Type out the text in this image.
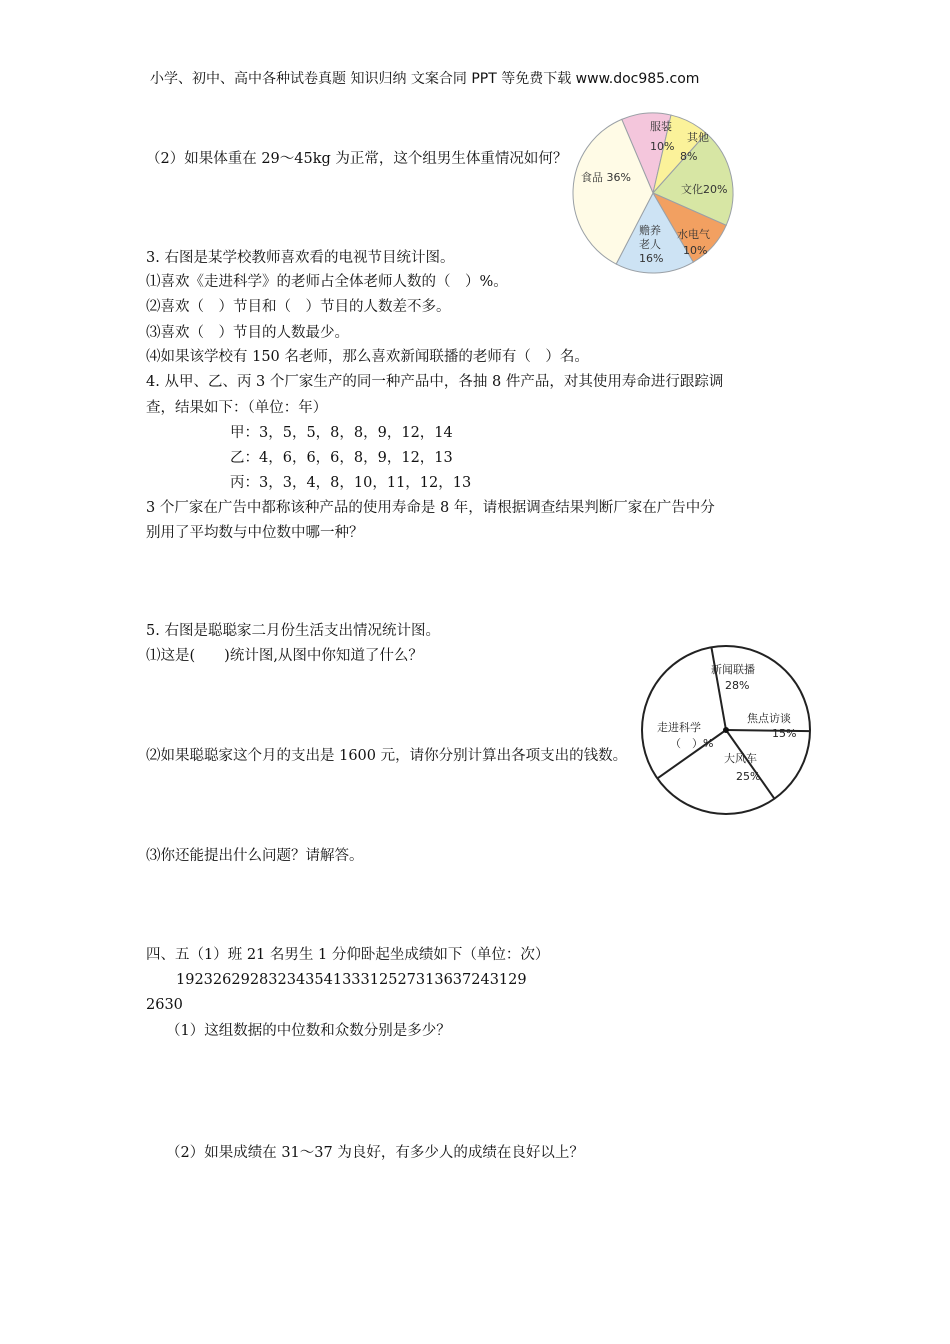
小学、初中、高中各种试卷真题 知识归纳 文案合同 PPT 等免费下载 www.doc985.com
（2）如果体重在 29～45kg 为正常，这个组男生体重情况如何？
服装
10%
其他
8%
文化20%
水电气
10%
赡养
老人
16%
食品 36%
3. 右图是某学校教师喜欢看的电视节目统计图。
⑴喜欢《走进科学》的老师占全体老师人数的（　）%。
⑵喜欢（　）节目和（　）节目的人数差不多。
⑶喜欢（　）节目的人数最少。
⑷如果该学校有 150 名老师，那么喜欢新闻联播的老师有（　）名。
4. 从甲、乙、丙 3 个厂家生产的同一种产品中，各抽 8 件产品，对其使用寿命进行跟踪调
查，结果如下：（单位：年）
甲：3，5，5，8，8，9，12，14
乙：4，6，6，6，8，9，12，13
丙：3，3，4，8，10，11，12，13
3 个厂家在广告中都称该种产品的使用寿命是 8 年，请根据调查结果判断厂家在广告中分
别用了平均数与中位数中哪一种？
5. 右图是聪聪家二月份生活支出情况统计图。
⑴这是(　　)统计图,从图中你知道了什么？
⑵如果聪聪家这个月的支出是 1600 元，请你分别计算出各项支出的钱数。
⑶你还能提出什么问题？请解答。
新闻联播
28%
焦点访谈
15%
大风车
25%
走进科学
（　）%
四、五（1）班 21 名男生 1 分仰卧起坐成绩如下（单位：次）
19232629283234354133312527313637243129
2630
（1）这组数据的中位数和众数分别是多少？
（2）如果成绩在 31～37 为良好，有多少人的成绩在良好以上？
